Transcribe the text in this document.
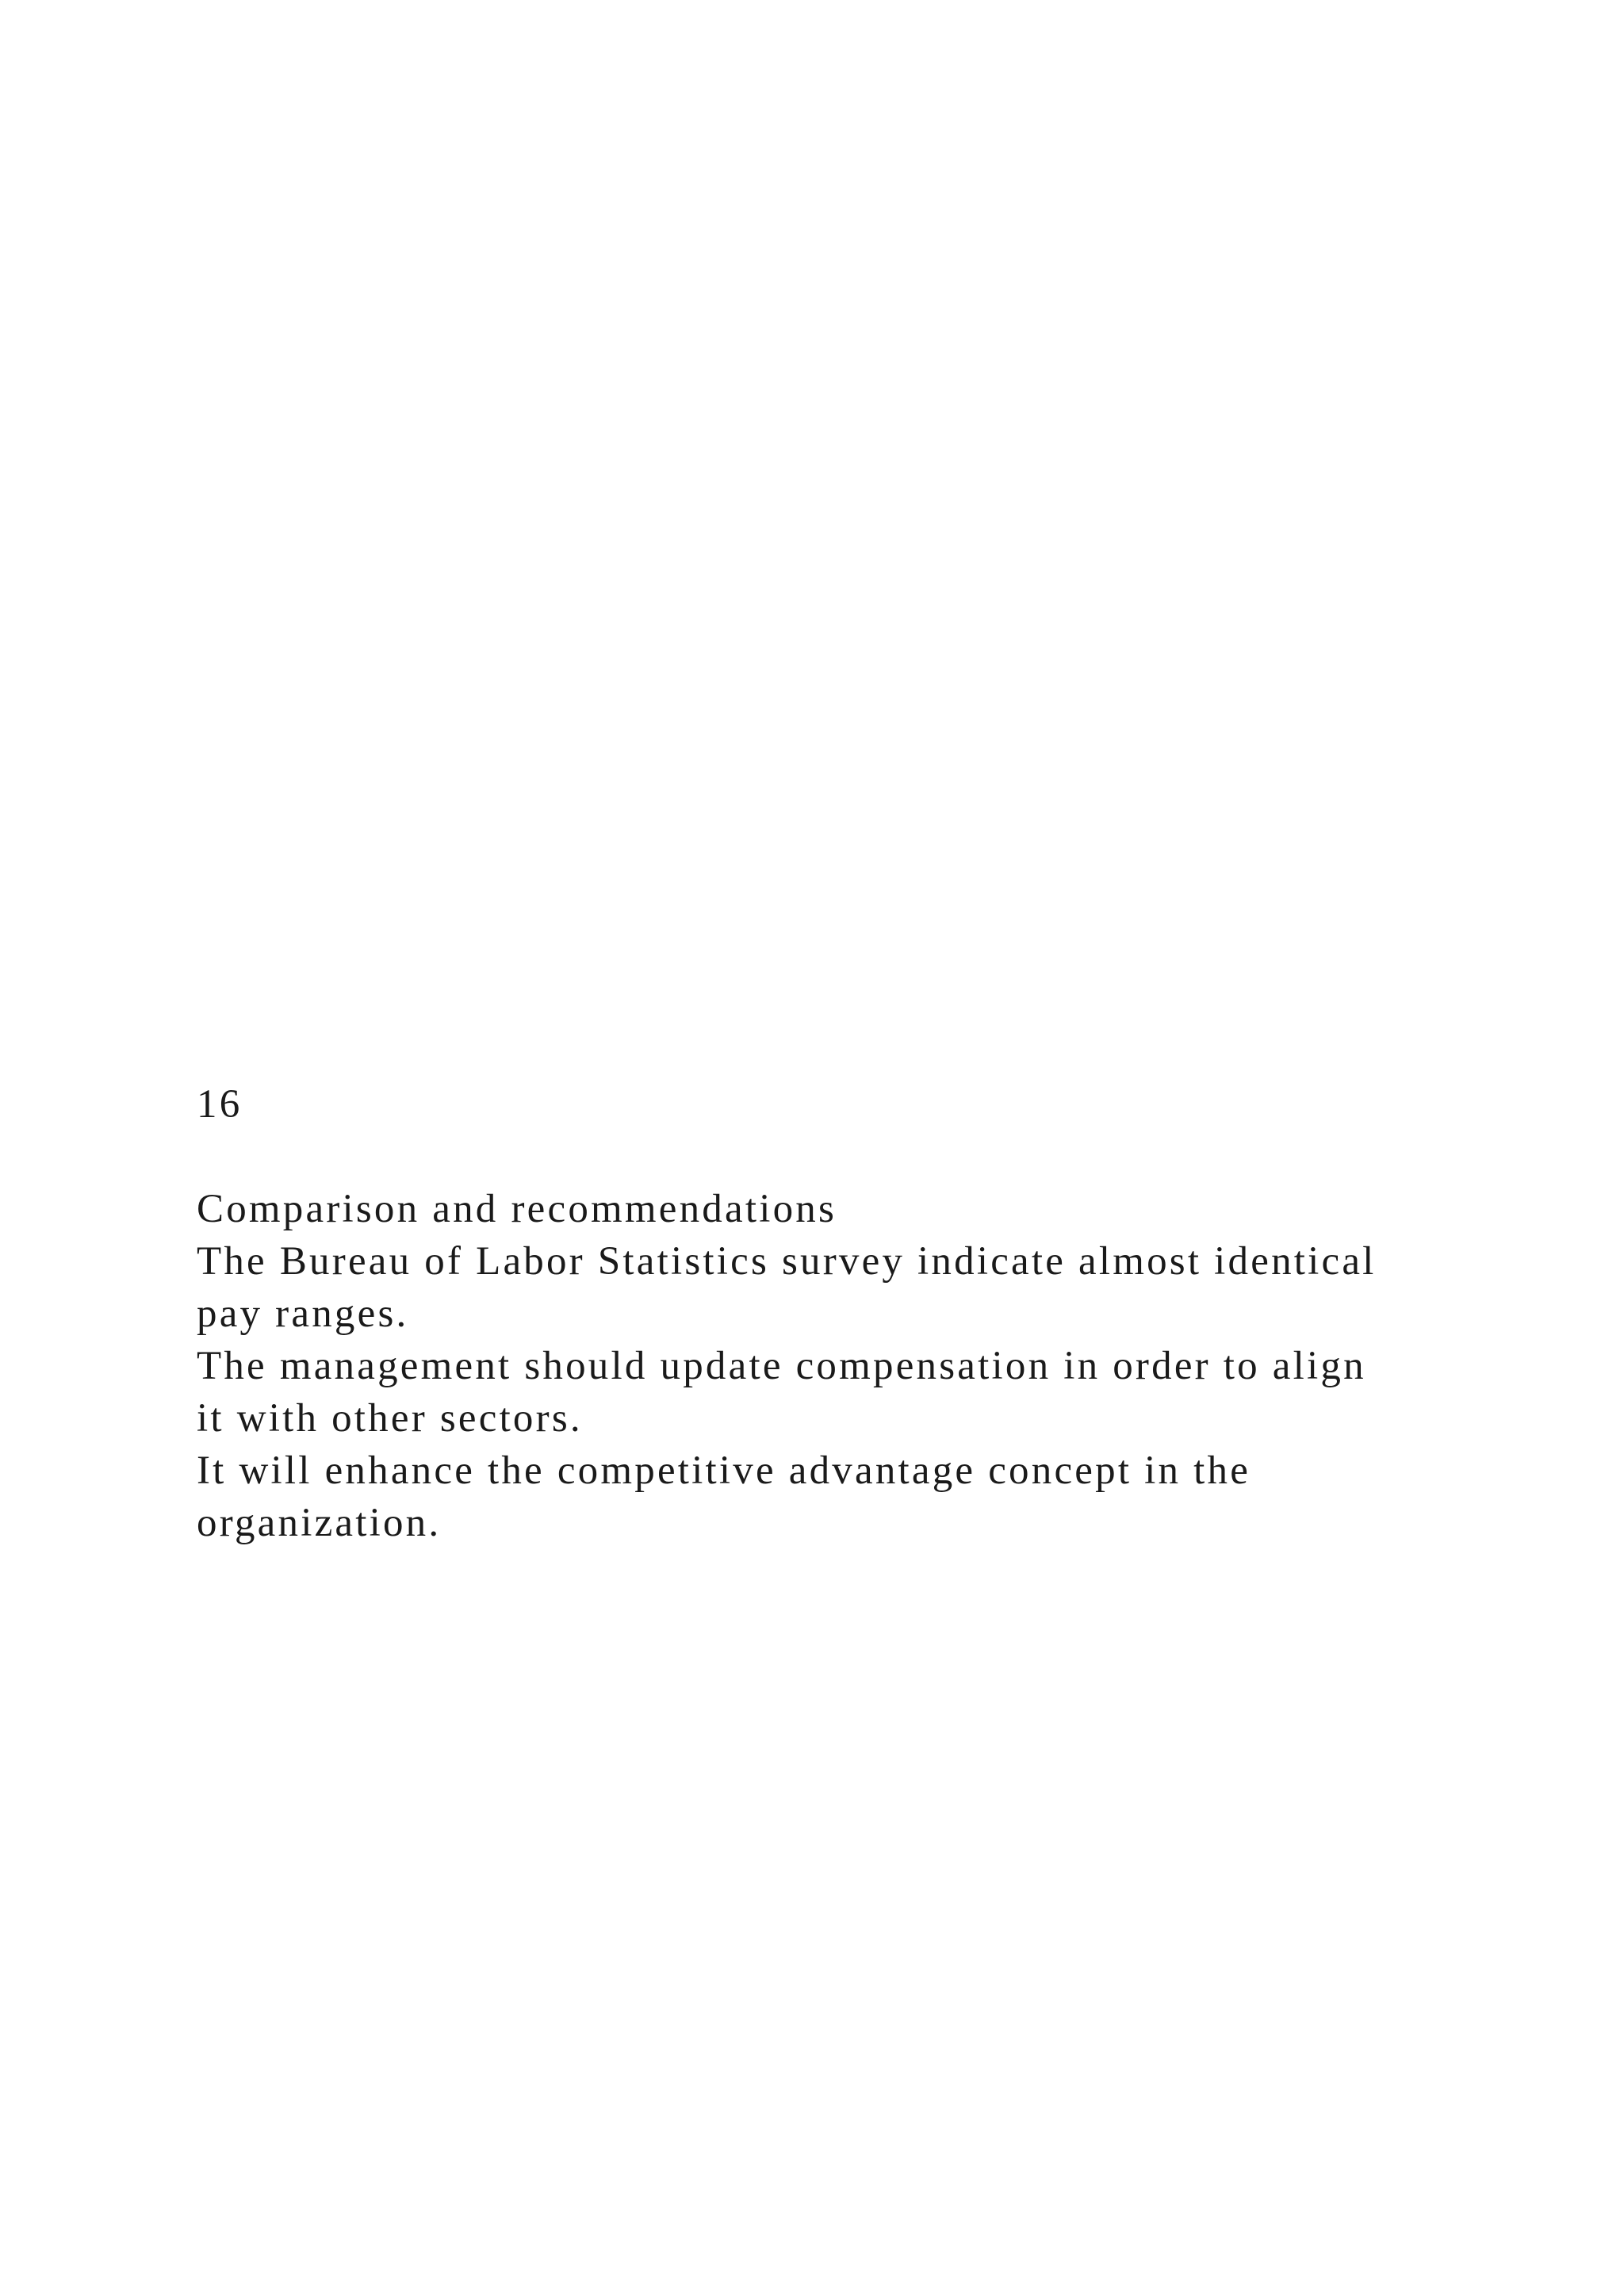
16
Comparison and recommendations
The Bureau of Labor Statistics survey indicate almost identical
pay ranges.
The management should update compensation in order to align
it with other sectors.
It will enhance the competitive advantage concept in the
organization.
